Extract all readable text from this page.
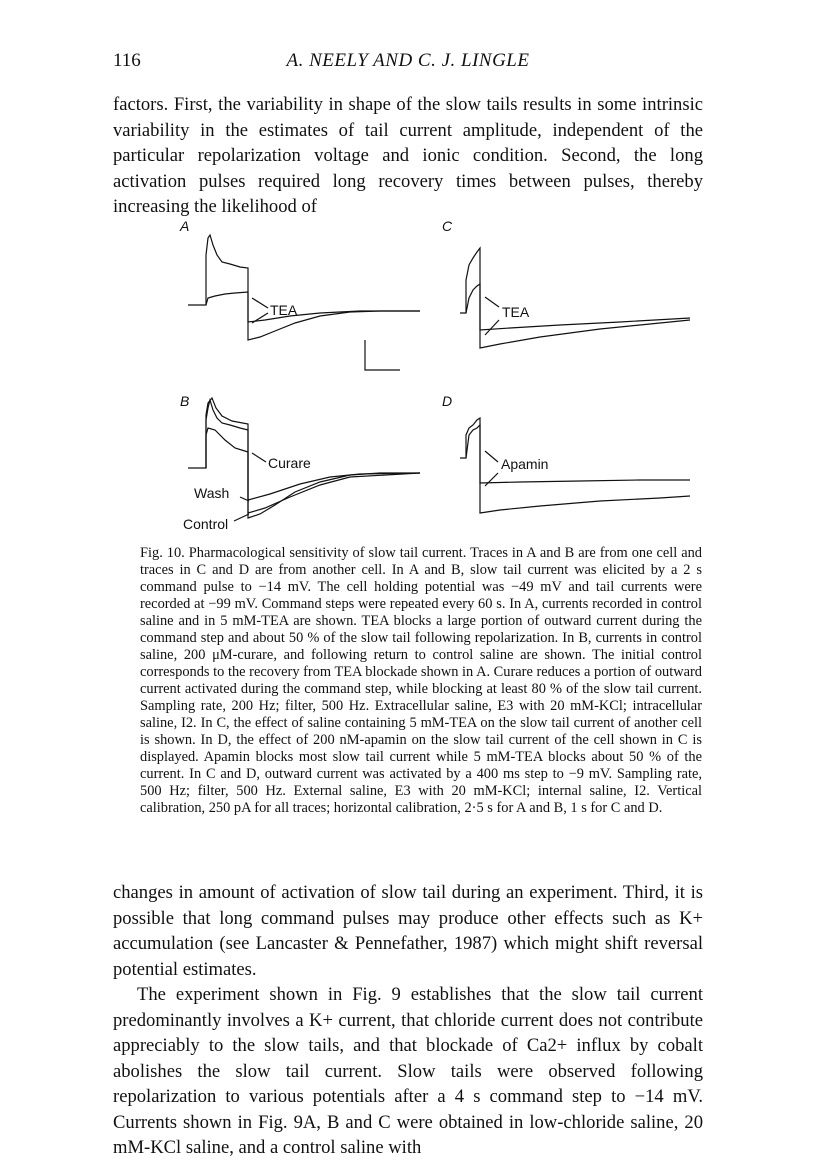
116	A. NEELY AND C. J. LINGLE

factors. First, the variability in shape of the slow tails results in some intrinsic variability in the estimates of tail current amplitude, independent of the particular repolarization voltage and ionic condition. Second, the long activation pulses required long recovery times between pulses, thereby increasing the likelihood of

A	C
B	D
TEA	TEA
Curare
Wash
Control
Apamin

Fig. 10. Pharmacological sensitivity of slow tail current. Traces in A and B are from one cell and traces in C and D are from another cell. In A and B, slow tail current was elicited by a 2 s command pulse to −14 mV. The cell holding potential was −49 mV and tail currents were recorded at −99 mV. Command steps were repeated every 60 s. In A, currents recorded in control saline and in 5 mM-TEA are shown. TEA blocks a large portion of outward current during the command step and about 50 % of the slow tail following repolarization. In B, currents in control saline, 200 μM-curare, and following return to control saline are shown. The initial control corresponds to the recovery from TEA blockade shown in A. Curare reduces a portion of outward current activated during the command step, while blocking at least 80 % of the slow tail current. Sampling rate, 200 Hz; filter, 500 Hz. Extracellular saline, E3 with 20 mM-KCl; intracellular saline, I2. In C, the effect of saline containing 5 mM-TEA on the slow tail current of another cell is shown. In D, the effect of 200 nM-apamin on the slow tail current of the cell shown in C is displayed. Apamin blocks most slow tail current while 5 mM-TEA blocks about 50 % of the current. In C and D, outward current was activated by a 400 ms step to −9 mV. Sampling rate, 500 Hz; filter, 500 Hz. External saline, E3 with 20 mM-KCl; internal saline, I2. Vertical calibration, 250 pA for all traces; horizontal calibration, 2·5 s for A and B, 1 s for C and D.

changes in amount of activation of slow tail during an experiment. Third, it is possible that long command pulses may produce other effects such as K+ accumulation (see Lancaster & Pennefather, 1987) which might shift reversal potential estimates.

The experiment shown in Fig. 9 establishes that the slow tail current predominantly involves a K+ current, that chloride current does not contribute appreciably to the slow tails, and that blockade of Ca2+ influx by cobalt abolishes the slow tail current. Slow tails were observed following repolarization to various potentials after a 4 s command step to −14 mV. Currents shown in Fig. 9A, B and C were obtained in low-chloride saline, 20 mM-KCl saline, and a control saline with
